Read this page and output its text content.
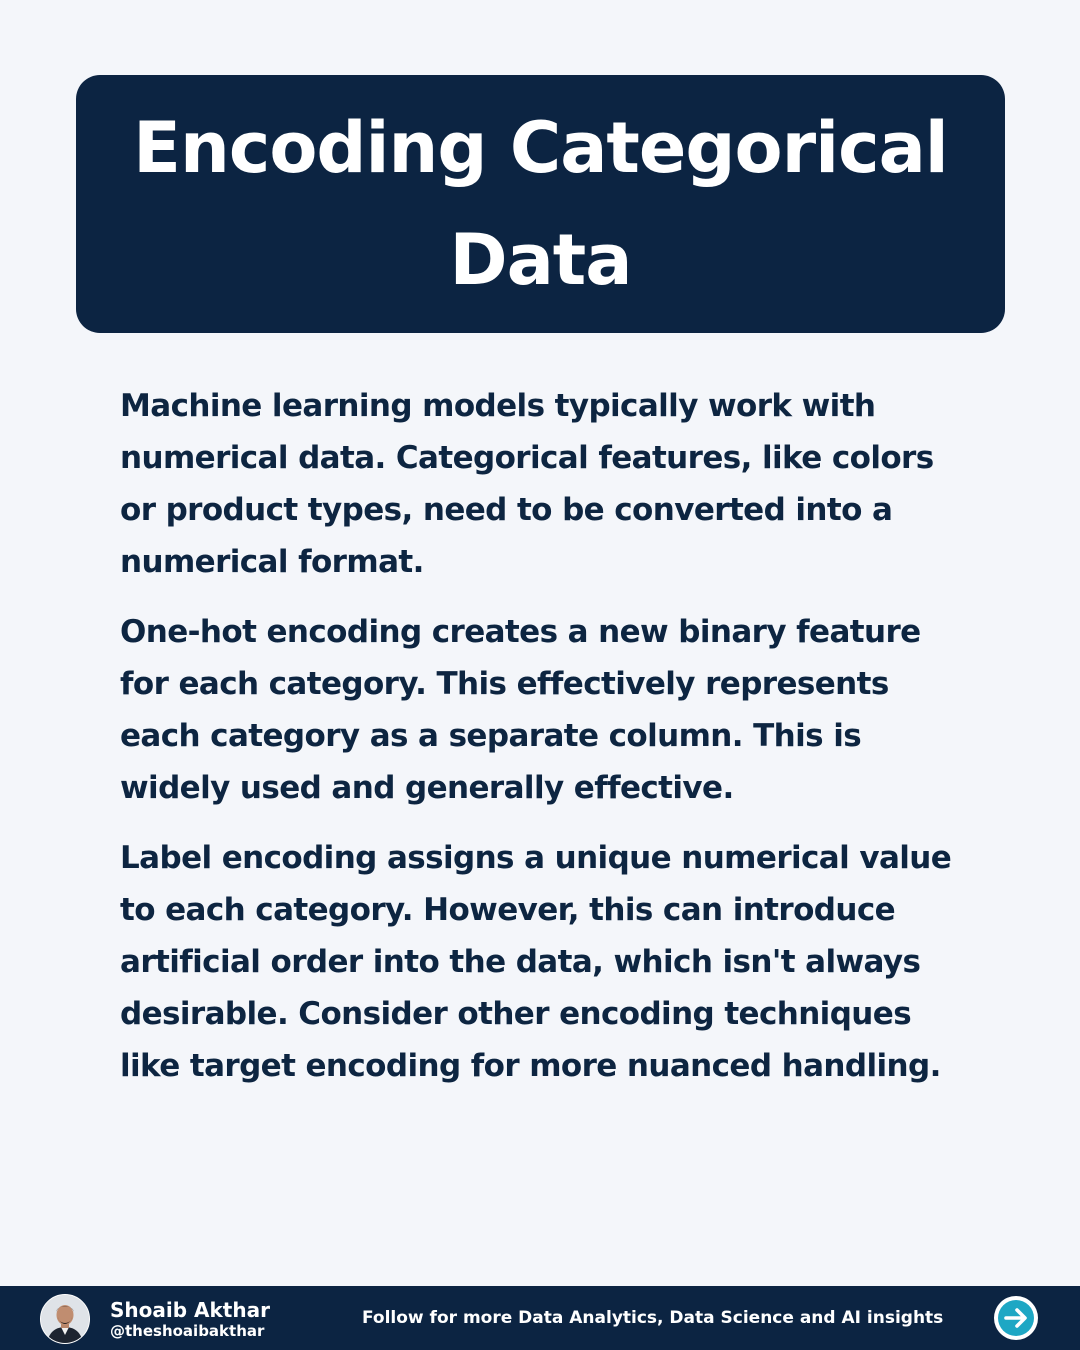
Encoding Categorical Data

Machine learning models typically work with numerical data. Categorical features, like colors or product types, need to be converted into a numerical format.

One-hot encoding creates a new binary feature for each category. This effectively represents each category as a separate column. This is widely used and generally effective.

Label encoding assigns a unique numerical value to each category. However, this can introduce artificial order into the data, which isn't always desirable. Consider other encoding techniques like target encoding for more nuanced handling.

Shoaib Akthar
@theshoaibakthar
Follow for more Data Analytics, Data Science and AI insights
